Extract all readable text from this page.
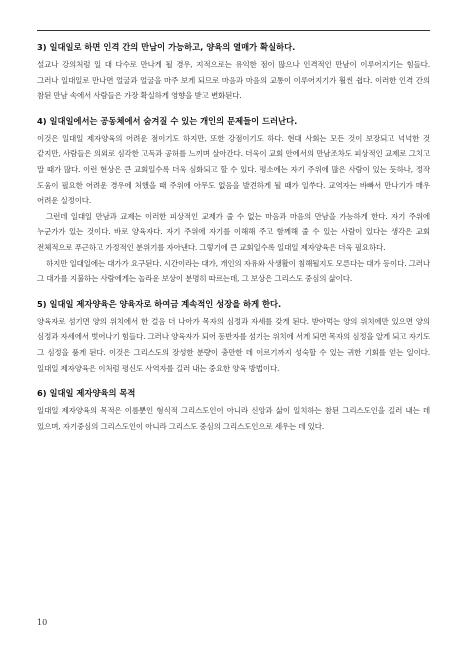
3) 일대일로 하면 인격 간의 만남이 가능하고, 양육의 열매가 확실하다.

설교나 강의처럼 일 대 다수로 만나게 될 경우, 지적으로는 유익한 점이 많으나 인격적인 만남이 이루어지기는 힘들다. 그러나 일대일로 만나면 얼굴과 얼굴을 마주 보게 되므로 마음과 마음의 교통이 이루어지기가 훨씬 쉽다. 이러한 인격 간의 참된 만남 속에서 사람들은 가장 확실하게 영향을 받고 변화된다.

4) 일대일에서는 공동체에서 숨겨질 수 있는 개인의 문제들이 드러난다.

이것은 일대일 제자양육의 어려운 점이기도 하지만, 또한 강점이기도 하다. 현대 사회는 모든 것이 보장되고 넉넉한 것 같지만, 사람들은 의외로 심각한 고독과 공허를 느끼며 살아간다. 더욱이 교회 안에서의 만남조차도 피상적인 교제로 그치고 말 때가 많다. 이런 현상은 큰 교회일수록 더욱 심화되고 할 수 있다. 평소에는 자기 주위에 많은 사람이 있는 듯하나, 정작 도움이 필요한 어려운 경우에 처했을 때 주위에 아무도 없음을 발견하게 될 때가 일쑤다. 교역자는 바빠서 만나기가 매우 어려운 실정이다.

그런데 일대일 만남과 교제는 이러한 피상적인 교제가 줄 수 없는 마음과 마음의 만남을 가능하게 한다. 자기 주위에 누군가가 있는 것이다. 바로 양육자다. 자기 주위에 자기를 이해해 주고 함께해 줄 수 있는 사람이 있다는 생각은 교회 전체적으로 푸근하고 가정적인 분위기를 자아낸다. 그렇기에 큰 교회일수록 일대일 제자양육은 더욱 필요하다.

하지만 일대일에는 대가가 요구된다. 시간이라는 대가, 개인의 자유와 사생활이 침해될지도 모른다는 대가 등이다. 그러나 그 대가를 지불하는 사람에게는 놀라운 보상이 분명히 따르는데, 그 보상은 그리스도 중심의 삶이다.

5) 일대일 제자양육은 양육자로 하여금 계속적인 성장을 하게 한다.

양육자로 섬기면 양의 위치에서 한 걸음 더 나아가 목자의 심정과 자세를 갖게 된다. 받아먹는 양의 위치에만 있으면 양의 심정과 자세에서 벗어나기 힘들다. 그러나 양육자가 되어 동반자를 섬기는 위치에 서게 되면 목자의 심정을 알게 되고 자기도 그 심정을 품게 된다. 이것은 그리스도의 장성한 분량이 충만한 데 이르기까지 성숙할 수 있는 귀한 기회를 얻는 일이다. 일대일 제자양육은 이처럼 평신도 사역자를 길러 내는 중요한 양육 방법이다.

6) 일대일 제자양육의 목적

일대일 제자양육의 목적은 이름뿐인 형식적 그리스도인이 아니라 신앙과 삶이 일치하는 참된 그리스도인을 길러 내는 데 있으며, 자기중심의 그리스도인이 아니라 그리스도 중심의 그리스도인으로 세우는 데 있다.

10
